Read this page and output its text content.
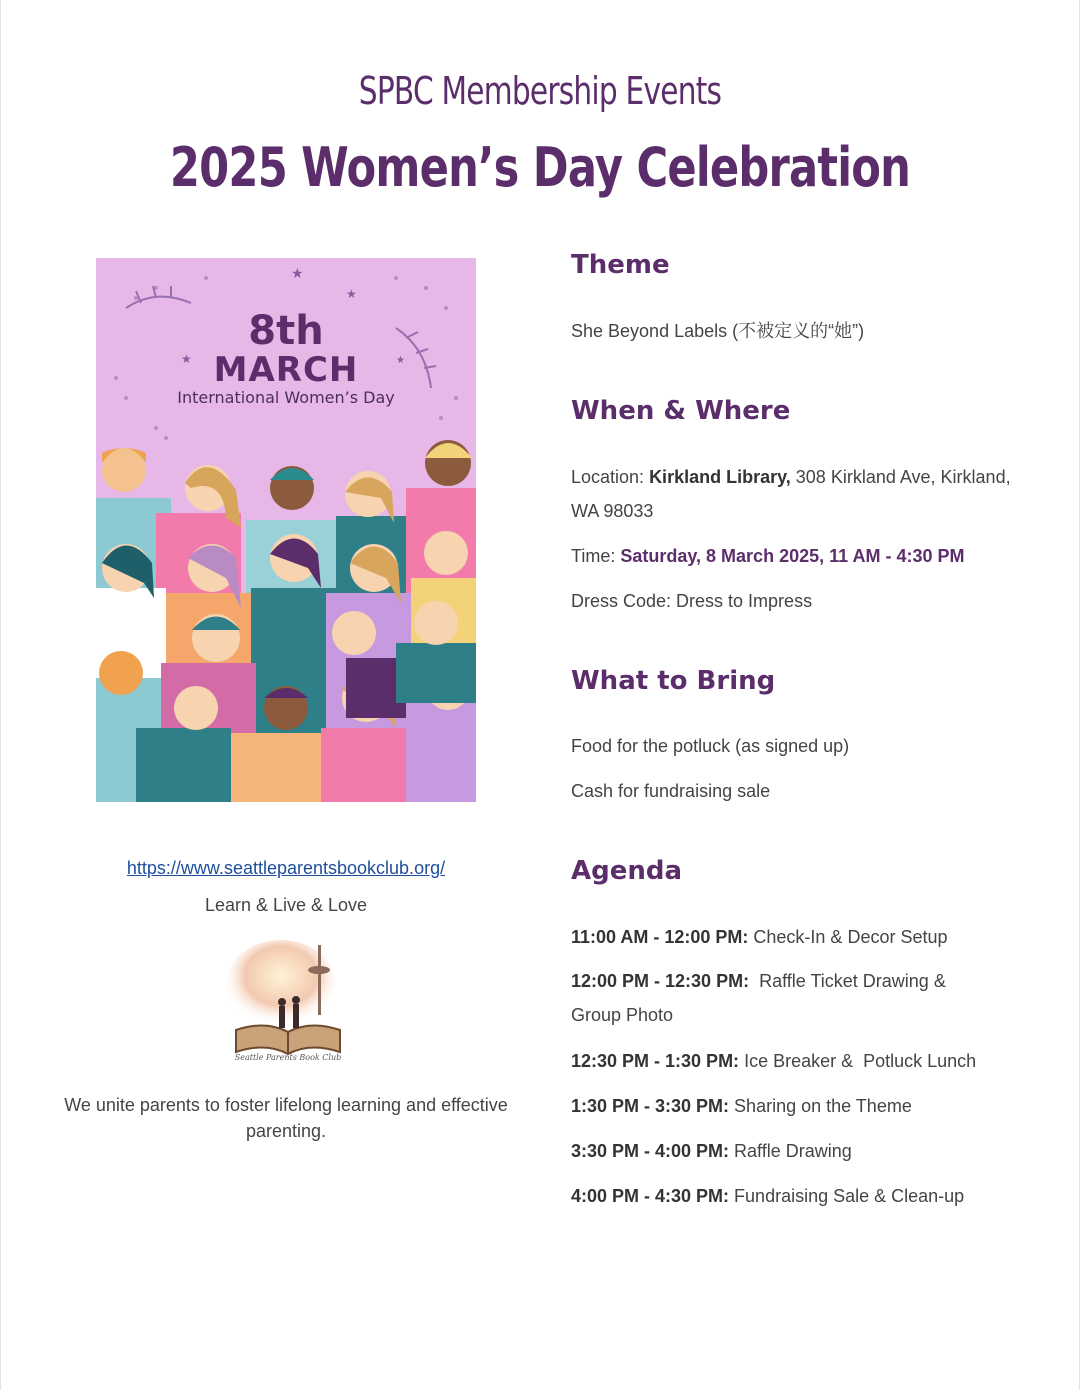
SPBC Membership Events
2025 Women’s Day Celebration
★
★
★	★
8th
MARCH
International Women’s Day
https://www.seattleparentsbookclub.org/
Learn & Live & Love
Seattle Parents Book Club
We unite parents to foster lifelong learning and effective parenting.
Theme
She Beyond Labels (不被定义的“她”)
When & Where
Location: Kirkland Library, 308 Kirkland Ave, Kirkland, WA 98033
Time: Saturday, 8 March 2025, 11 AM - 4:30 PM
Dress Code: Dress to Impress
What to Bring
Food for the potluck (as signed up)
Cash for fundraising sale
Agenda
11:00 AM - 12:00 PM: Check-In & Decor Setup
12:00 PM - 12:30 PM:  Raffle Ticket Drawing & Group Photo
12:30 PM - 1:30 PM: Ice Breaker &  Potluck Lunch
1:30 PM - 3:30 PM: Sharing on the Theme
3:30 PM - 4:00 PM: Raffle Drawing
4:00 PM - 4:30 PM: Fundraising Sale & Clean-up
